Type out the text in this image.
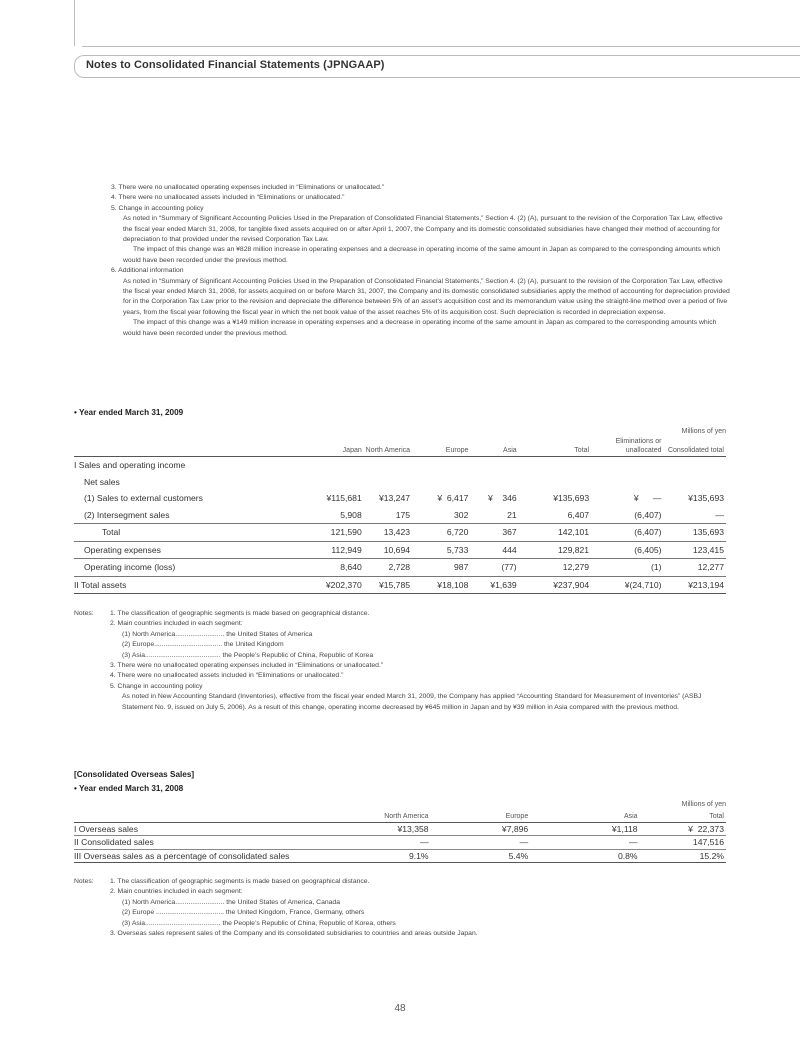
Notes to Consolidated Financial Statements (JPNGAAP)

3. There were no unallocated operating expenses included in “Eliminations or unallocated.”

4. There were no unallocated assets included in “Eliminations or unallocated.”

5. Change in accounting policy

As noted in “Summary of Significant Accounting Policies Used in the Preparation of Consolidated Financial Statements,” Section 4. (2) (A), pursuant to the revision of the Corporation Tax Law, effective the fiscal year ended March 31, 2008, for tangible fixed assets acquired on or after April 1, 2007, the Company and its domestic consolidated subsidiaries have changed their method of accounting for depreciation to that provided under the revised Corporation Tax Law.

The impact of this change was an ¥828 million increase in operating expenses and a decrease in operating income of the same amount in Japan as compared to the corresponding amounts which would have been recorded under the previous method.

6. Additional information

As noted in “Summary of Significant Accounting Policies Used in the Preparation of Consolidated Financial Statements,” Section 4. (2) (A), pursuant to the revision of the Corporation Tax Law, effective the fiscal year ended March 31, 2008, for assets acquired on or before March 31, 2007, the Company and its domestic consolidated subsidiaries apply the method of accounting for depreciation provided for in the Corporation Tax Law prior to the revision and depreciate the difference between 5% of an asset’s acquisition cost and its memorandum value using the straight-line method over a period of five years, from the fiscal year following the fiscal year in which the net book value of the asset reaches 5% of its acquisition cost. Such depreciation is recorded in depreciation expense.

The impact of this change was a ¥149 million increase in operating expenses and a decrease in operating income of the same amount in Japan as compared to the corresponding amounts which would have been recorded under the previous method.

• Year ended March 31, 2009
Millions of yen
	Japan	North America	Europe	Asia	Total	Eliminations or unallocated	Consolidated total
I Sales and operating income							
Net sales							
(1) Sales to external customers	¥115,681	¥13,247	¥  6,417	¥    346	¥135,693	¥      —	¥135,693
(2) Intersegment sales	5,908	175	302	21	6,407	(6,407)	—
Total	121,590	13,423	6,720	367	142,101	(6,407)	135,693
Operating expenses	112,949	10,694	5,733	444	129,821	(6,405)	123,415
Operating income (loss)	8,640	2,728	987	(77)	12,279	(1)	12,277
II Total assets	¥202,370	¥15,785	¥18,108	¥1,639	¥237,904	¥(24,710)	¥213,194
Notes:	1. The classification of geographic segments is made based on geographical distance.
2. Main countries included in each segment:
(1) North America.......................... the United States of America
(2) Europe.................................... the United Kingdom
(3) Asia........................................ the People’s Republic of China, Republic of Korea
3. There were no unallocated operating expenses included in “Eliminations or unallocated.”
4. There were no unallocated assets included in “Eliminations or unallocated.”
5. Change in accounting policy
As noted in New Accounting Standard (Inventories), effective from the fiscal year ended March 31, 2009, the Company has applied “Accounting Standard for Measurement of Inventories” (ASBJ Statement No. 9, issued on July 5, 2006). As a result of this change, operating income decreased by ¥645 million in Japan and by ¥39 million in Asia compared with the previous method.
[Consolidated Overseas Sales]
• Year ended March 31, 2008
Millions of yen
	North America	Europe	Asia	Total
I Overseas sales	¥13,358	¥7,896	¥1,118	¥  22,373
II Consolidated sales	—	—	—	147,516
III Overseas sales as a percentage of consolidated sales	9.1%	5.4%	0.8%	15.2%
Notes:	1. The classification of geographic segments is made based on geographical distance.
2. Main countries included in each segment:
(1) North America.......................... the United States of America, Canada
(2) Europe .................................... the United Kingdom, France, Germany, others
(3) Asia........................................ the People’s Republic of China, Republic of Korea, others
3. Overseas sales represent sales of the Company and its consolidated subsidiaries to countries and areas outside Japan.
48
